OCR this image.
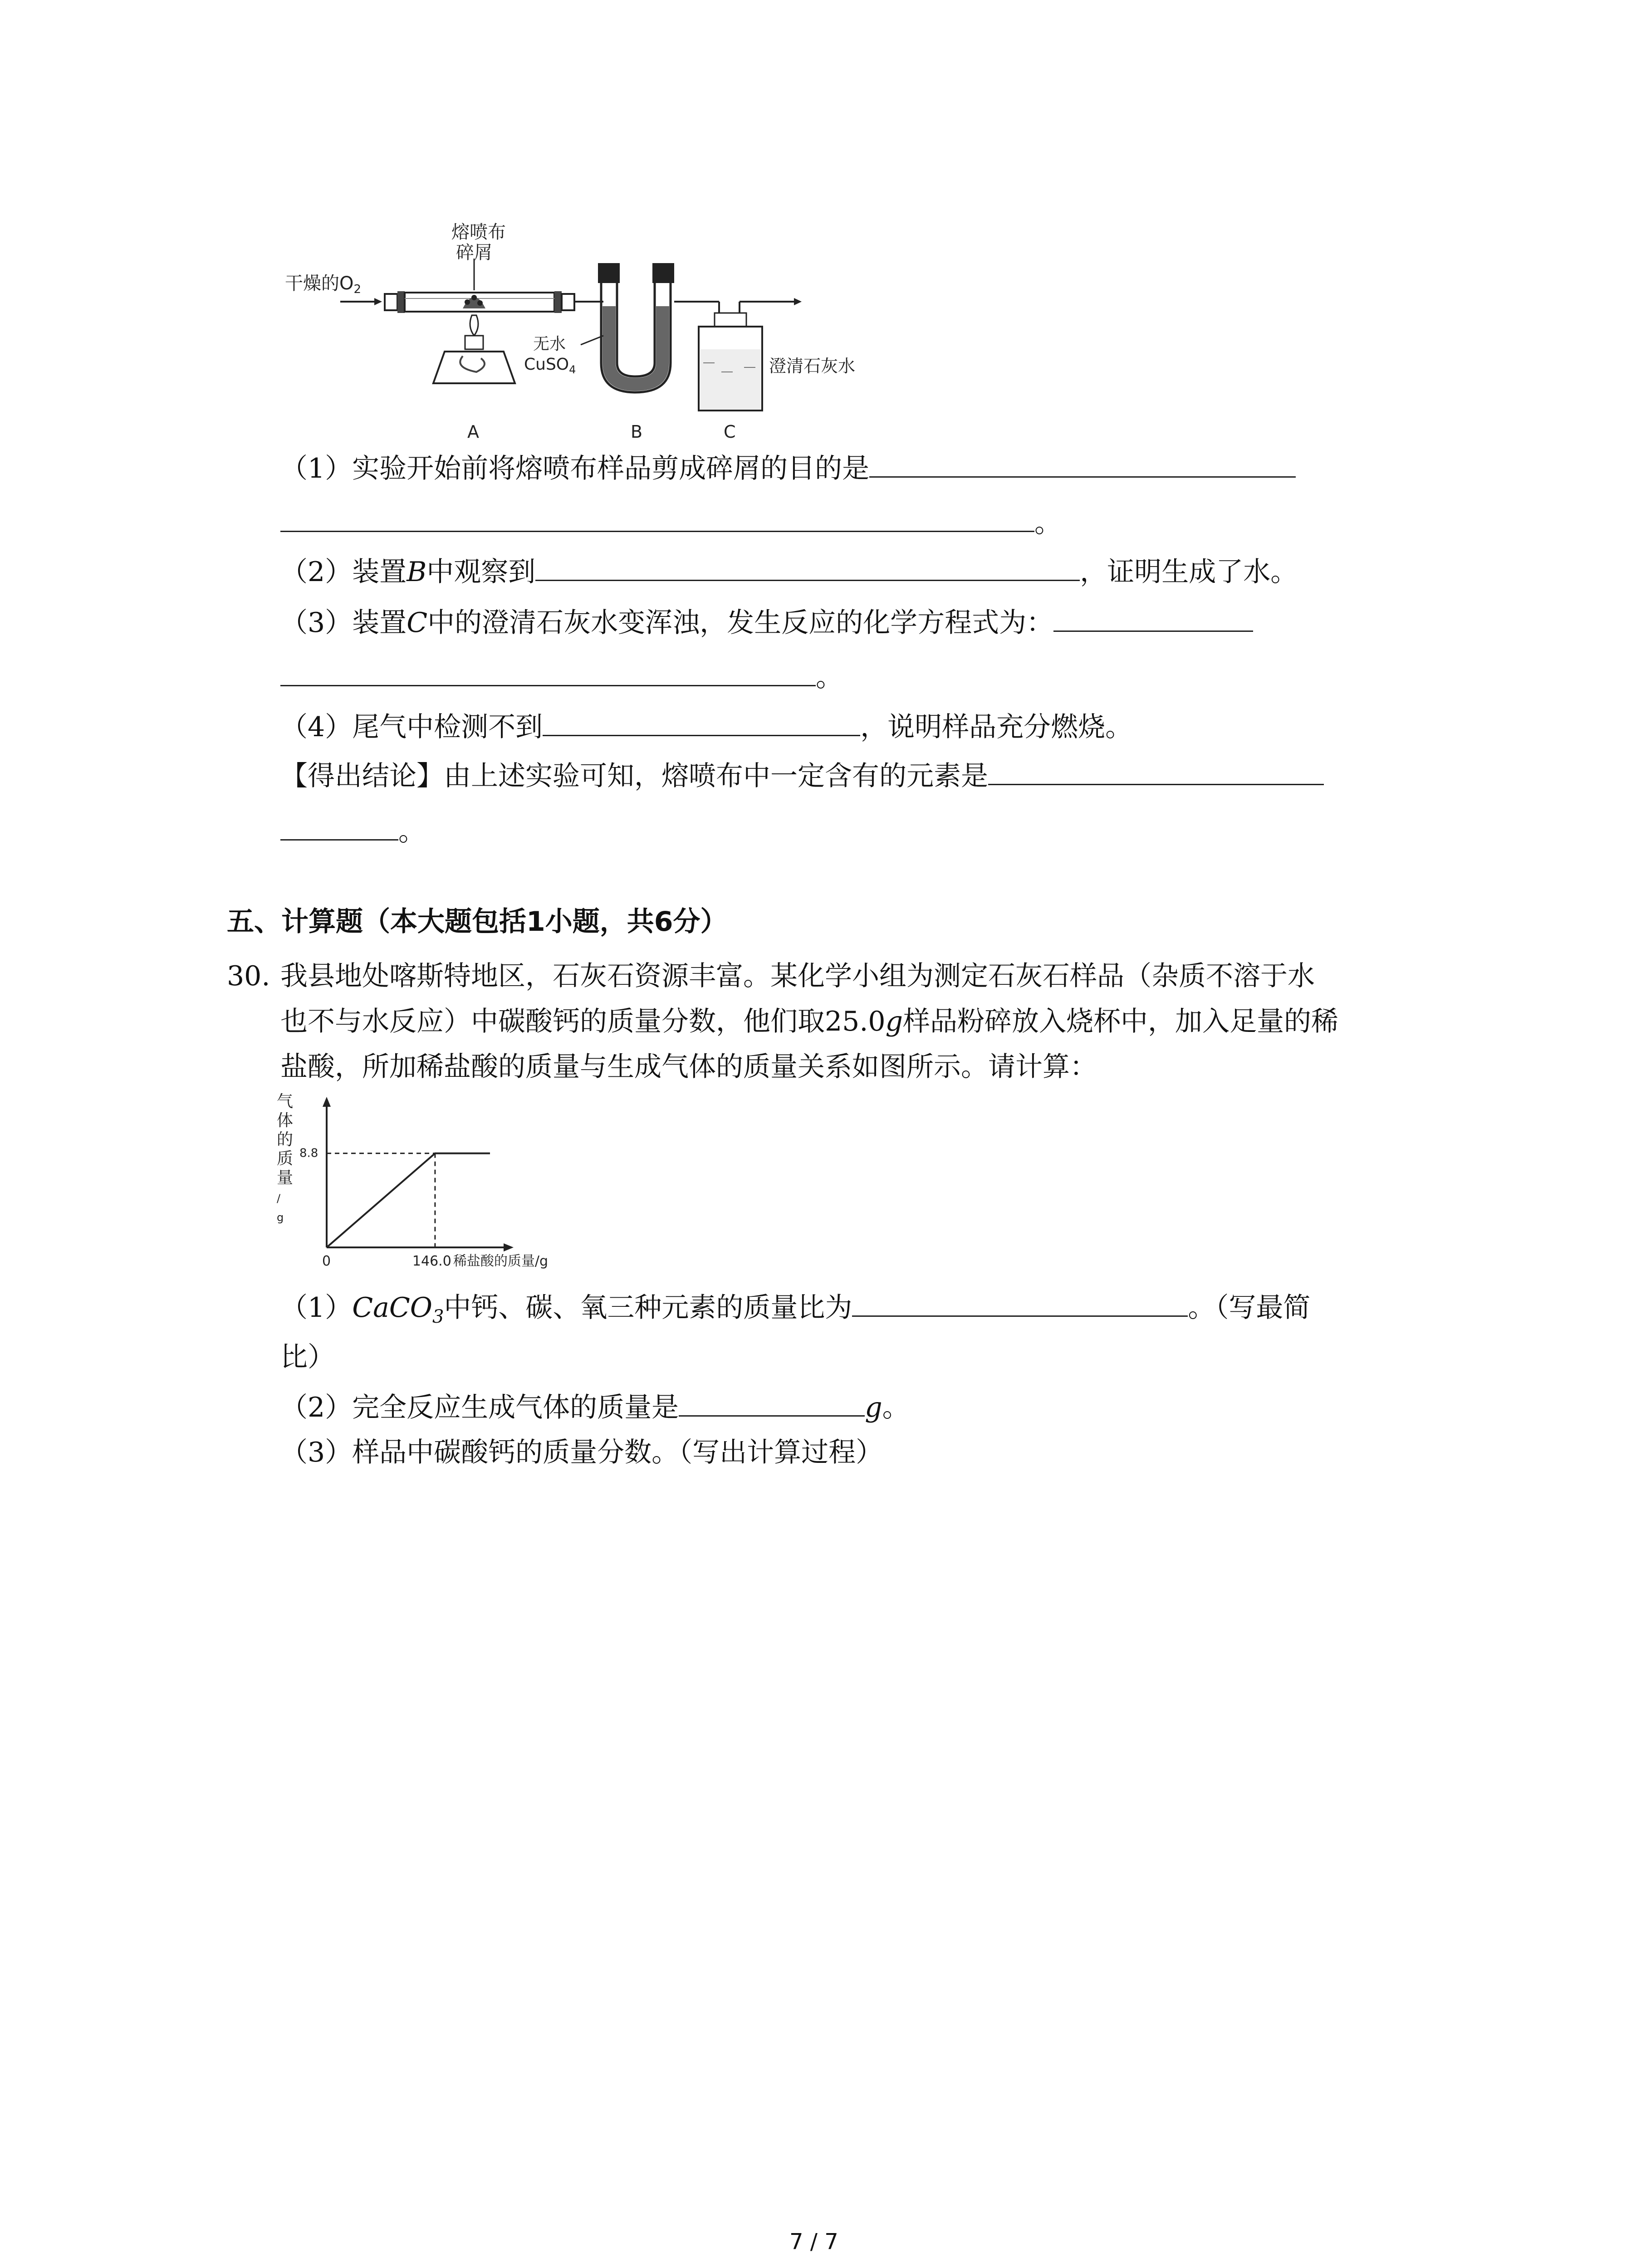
干燥的$O_2$
熔喷布
碎屑
A
无水
CuSO$_4$
B
澄清石灰水
C
（1）实验开始前将熔喷布样品剪成碎屑的目的是
。
（2）装置B中观察到	，证明生成了水。
（3）装置C中的澄清石灰水变浑浊，发生反应的化学方程式为：
。
（4）尾气中检测不到	，说明样品充分燃烧。
【得出结论】由上述实验可知，熔喷布中一定含有的元素是
。
五、计算题（本大题包括1小题，共6分）
30. 我县地处喀斯特地区，石灰石资源丰富。某化学小组为测定石灰石样品（杂质不溶于水
也不与水反应）中碳酸钙的质量分数，他们取25.0g样品粉碎放入烧杯中，加入足量的稀
盐酸，所加稀盐酸的质量与生成气体的质量关系如图所示。请计算：
气
体
的
质
量
/
g
0	146.0
8.8
稀盐酸的质量/g
（1）CaCO$_3$中钙、碳、氧三种元素的质量比为	。（写最简
比）
（2）完全反应生成气体的质量是	g。
（3）样品中碳酸钙的质量分数。（写出计算过程）
7 / 7
